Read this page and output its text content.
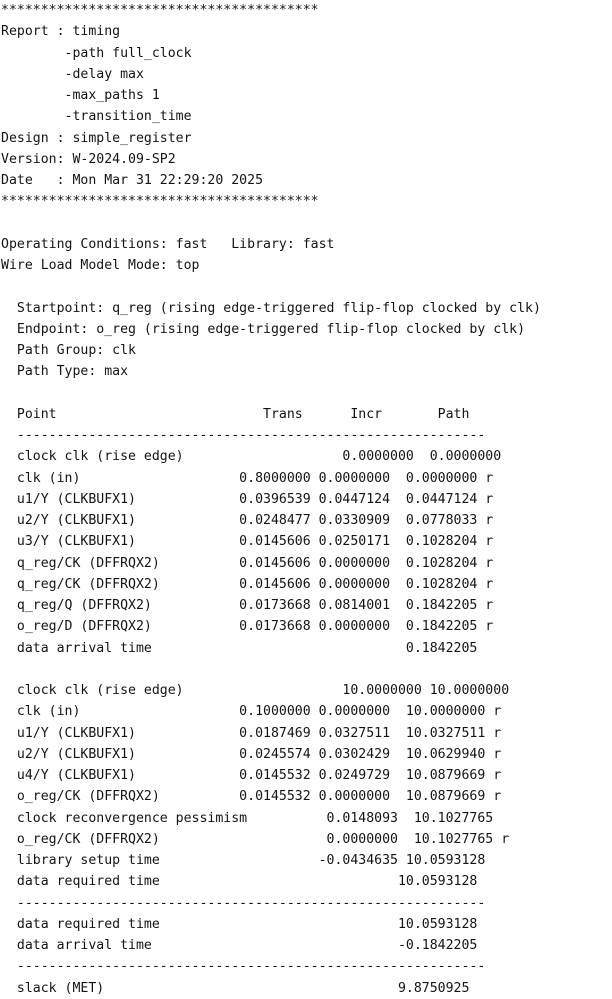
****************************************
Report : timing
-path full_clock
-delay max
-max_paths 1
-transition_time
Design : simple_register
Version: W-2024.09-SP2
Date   : Mon Mar 31 22:29:20 2025
****************************************
Operating Conditions: fast   Library: fast
Wire Load Model Mode: top
Startpoint: q_reg (rising edge-triggered flip-flop clocked by clk)
Endpoint: o_reg (rising edge-triggered flip-flop clocked by clk)
Path Group: clk
Path Type: max
Point                          Trans      Incr       Path
-----------------------------------------------------------
clock clk (rise edge)                    0.0000000  0.0000000
clk (in)                    0.8000000 0.0000000  0.0000000 r
u1/Y (CLKBUFX1)             0.0396539 0.0447124  0.0447124 r
u2/Y (CLKBUFX1)             0.0248477 0.0330909  0.0778033 r
u3/Y (CLKBUFX1)             0.0145606 0.0250171  0.1028204 r
q_reg/CK (DFFRQX2)          0.0145606 0.0000000  0.1028204 r
q_reg/CK (DFFRQX2)          0.0145606 0.0000000  0.1028204 r
q_reg/Q (DFFRQX2)           0.0173668 0.0814001  0.1842205 r
o_reg/D (DFFRQX2)           0.0173668 0.0000000  0.1842205 r
data arrival time                                0.1842205
clock clk (rise edge)                    10.0000000 10.0000000
clk (in)                    0.1000000 0.0000000  10.0000000 r
u1/Y (CLKBUFX1)             0.0187469 0.0327511  10.0327511 r
u2/Y (CLKBUFX1)             0.0245574 0.0302429  10.0629940 r
u4/Y (CLKBUFX1)             0.0145532 0.0249729  10.0879669 r
o_reg/CK (DFFRQX2)          0.0145532 0.0000000  10.0879669 r
clock reconvergence pessimism          0.0148093  10.1027765
o_reg/CK (DFFRQX2)                     0.0000000  10.1027765 r
library setup time                    -0.0434635 10.0593128
data required time                              10.0593128
-----------------------------------------------------------
data required time                              10.0593128
data arrival time                               -0.1842205
-----------------------------------------------------------
slack (MET)                                     9.8750925
